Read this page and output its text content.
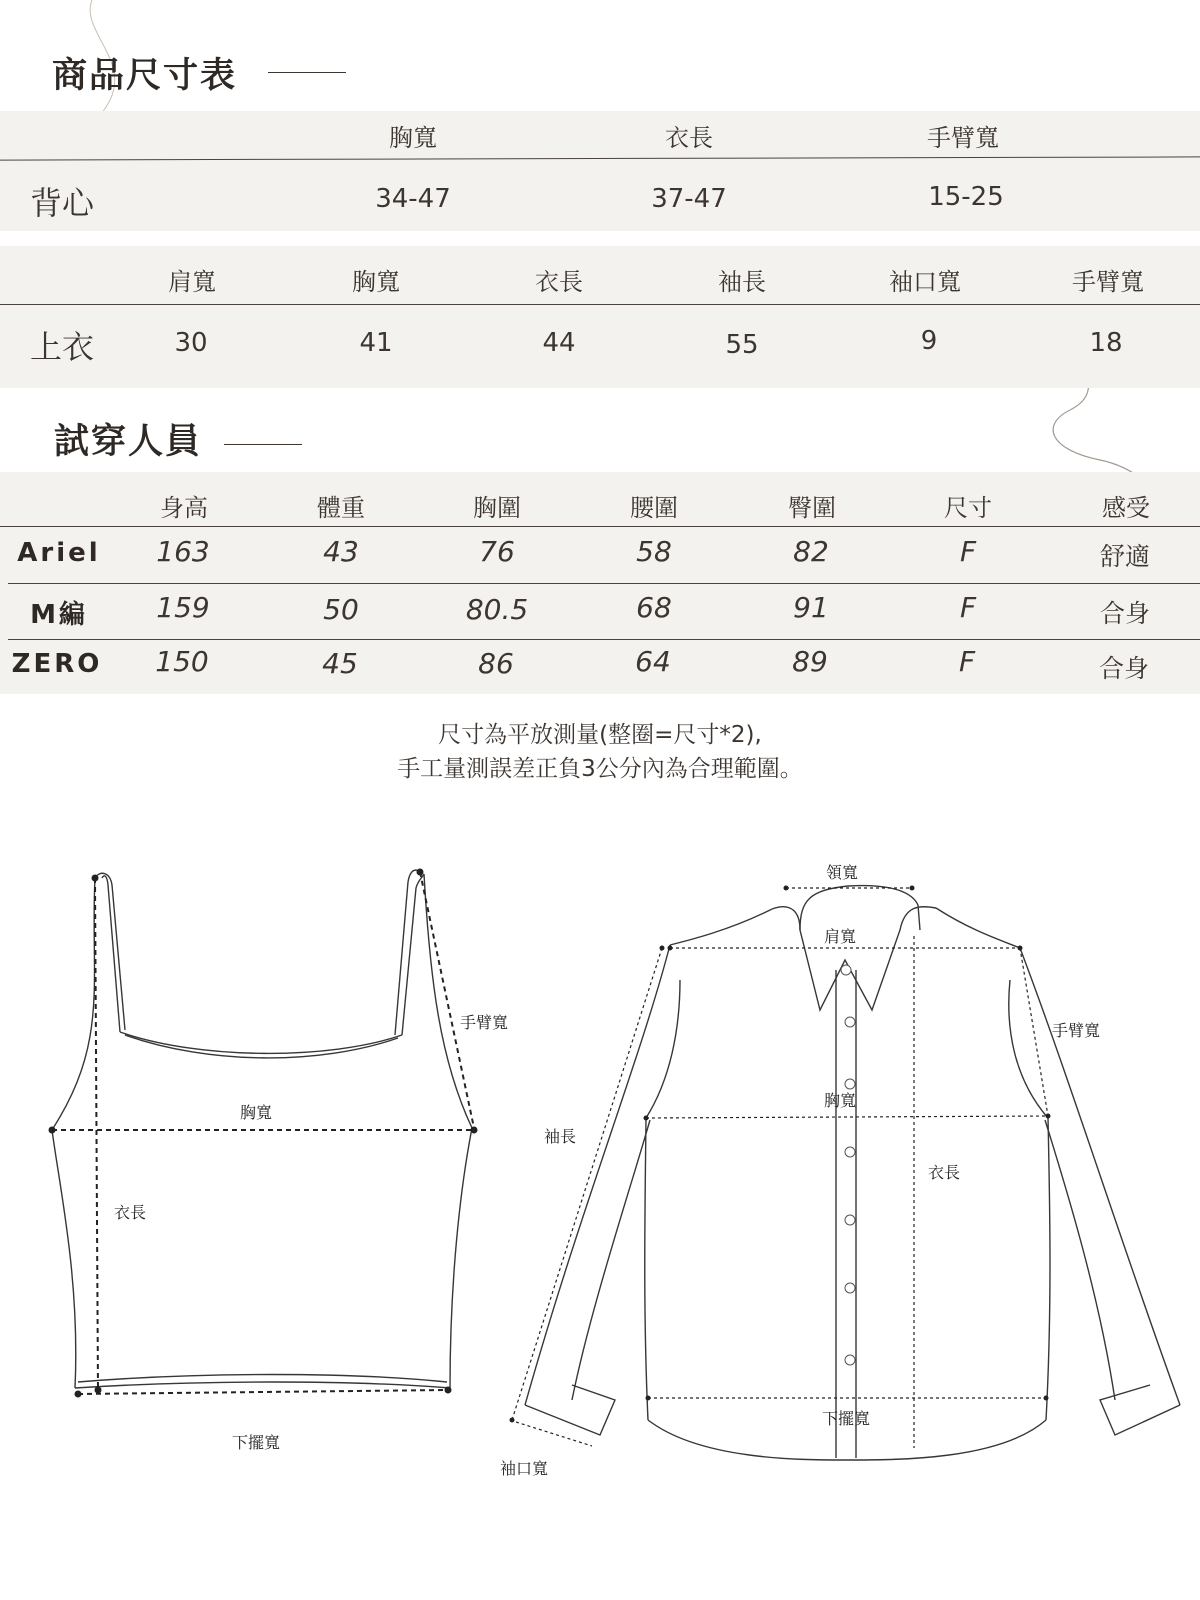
商品尺寸表
胸寬	衣長	手臂寬
背心	34-47	37-47	15-25
肩寬	胸寬	衣長	袖長	袖口寬	手臂寬
上衣	30	41	44	55	9	18
試穿人員
身高	體重	胸圍	腰圍	臀圍	尺寸	感受
Ariel 163	43	76	58	82	F	舒適
M編 159	50	80.5	68	91	F	合身
ZERO 150	45	86	64	89	F	合身
尺寸為平放測量(整圈=尺寸*2),
手工量測誤差正負3公分內為合理範圍。
手臂寬
胸寬
衣長
下擺寬
領寬
肩寬
手臂寬
胸寬
袖長
衣長
下擺寬
袖口寬
